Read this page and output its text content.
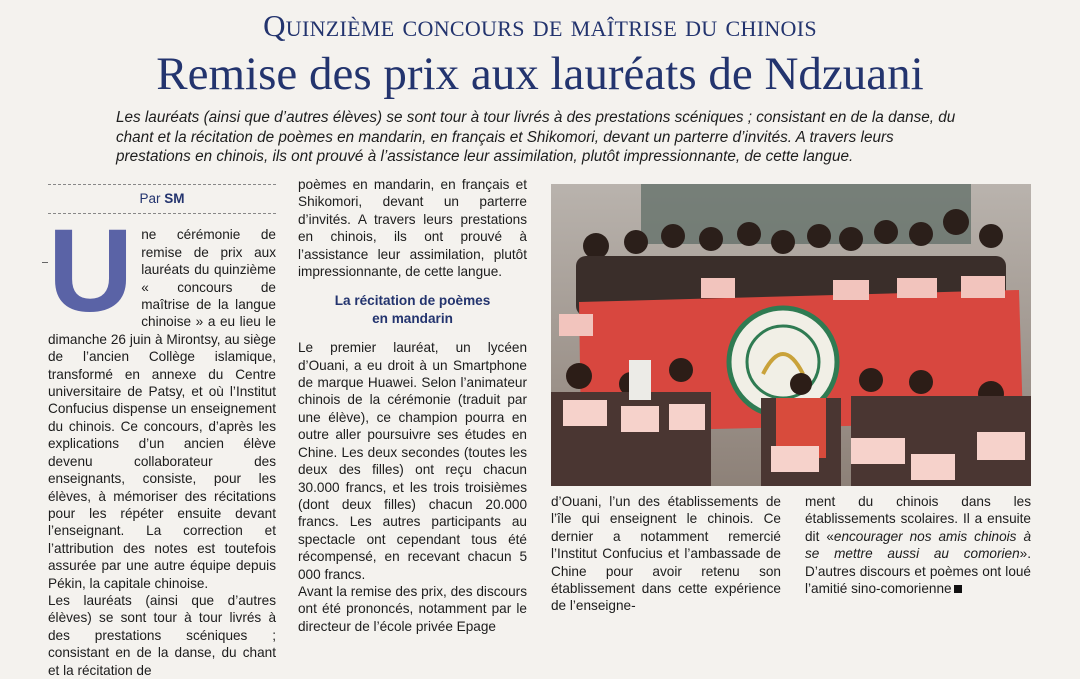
Quinzième concours de maîtrise du chinois
Remise des prix aux lauréats de Ndzuani
Les lauréats (ainsi que d’autres élèves) se sont tour à tour livrés à des prestations scéniques ; consistant en de la danse, du chant et la récitation de poèmes en mandarin, en français et Shikomori, devant un parterre d’invités. A travers leurs prestations en chinois, ils ont prouvé à l’assistance leur assimilation, plutôt impressionnante, de cette langue.
Par SM
U ne cérémonie de remise de prix aux lauréats du quinzième « concours de maîtrise de la langue chinoise » a eu lieu le dimanche 26 juin à Mirontsy, au siège de l’ancien Collège islamique, transformé en annexe du Centre universitaire de Patsy, et où l’Institut Confucius dispense un enseignement du chinois. Ce concours, d’après les explications d’un ancien élève devenu collaborateur des enseignants, consiste, pour les élèves, à mémoriser des récitations pour les répéter ensuite devant l’enseignant. La correction et l’attribution des notes est toutefois assurée par une autre équipe depuis Pékin, la capitale chinoise.

Les lauréats (ainsi que d’autres élèves) se sont tour à tour livrés à des prestations scéniques ; consistant en de la danse, du chant et la récitation de

poèmes en mandarin, en français et Shikomori, devant un parterre d’invités. A travers leurs prestations en chinois, ils ont prouvé à l’assistance leur assimilation, plutôt impressionnante, de cette langue.

La récitation de poèmes
en mandarin

Le premier lauréat, un lycéen d’Ouani, a eu droit à un Smartphone de marque Huawei. Selon l’animateur chinois de la cérémonie (traduit par une élève), ce champion pourra en outre aller poursuivre ses études en Chine. Les deux secondes (toutes les deux des filles) ont reçu chacun 30.000 francs, et les trois troisièmes (dont deux filles) chacun 20.000 francs. Les autres participants au spectacle ont cependant tous été récompensé, en recevant chacun 5 000 francs.

Avant la remise des prix, des discours ont été prononcés, notamment par le directeur de l’école privée Epage

d’Ouani, l’un des établissements de l’île qui enseignent le chinois. Ce dernier a notamment remercié l’Institut Confucius et l’ambassade de Chine pour avoir retenu son établissement dans cette expérience de l’enseigne-

ment du chinois dans les établissements scolaires. Il a ensuite dit «encourager nos amis chinois à se mettre aussi au comorien». D’autres discours et poèmes ont loué l’amitié sino-comorienne
